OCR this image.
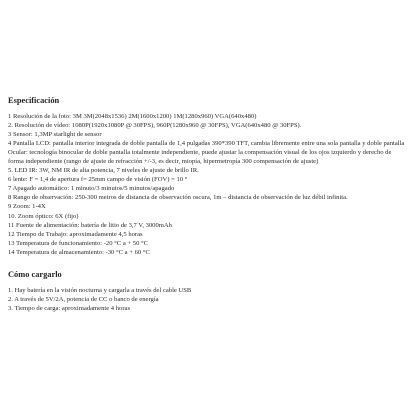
Especificación
1 Resolución de la foto: 3M 3M(2048x1536) 2M(1600x1200) 1M(1280x960) VGA(640x480)
2. Resolución de vídeo: 1080P(1920x1080P @ 30FPS), 960P(1280x960 @ 30FPS), VGA(640x480 @ 30FPS).
3 Sensor: 1,3MP starlight de sensor
4 Pantalla LCD: pantalla interior integrada de doble pantalla de 1,4 pulgadas 390*390 TFT, cambia libremente entre una sola pantalla y doble pantalla
Ocular: tecnología binocular de doble pantalla totalmente independiente, puede ajustar la compensación visual de los ojos izquierdo y derecho de forma independiente (rango de ajuste de refracción +/-3, es decir, miopía, hipermetropía 300 compensación de ajuste)
5. LED IR: 3W, NM IR de alta potencia, 7 niveles de ajuste de brillo IR.
6 lente: F = 1,4 de apertura f= 25mm campo de visión (FOV) = 10 °
7 Apagado automático: 1 minuto/3 minutos/5 minutos/apagado
8 Rango de observación: 250-300 metros de distancia de observación oscura, 1m – distancia de observación de luz débil infinita.
9 Zoom: 1-4X
10. Zoom óptico: 6X (fijo)
11 Fuente de alimentación: batería de litio de 3,7 V, 3000mAh
12 Tiempo de Trabajo: aproximadamente 4,5 horas
13 Temperatura de funcionamiento: -20 °C a + 50 °C
14 Temperatura de almacenamiento: -30 °C a + 60 °C
Cómo cargarlo
1. Hay batería en la visión nocturna y cargarla a través del cable USB
2. A través de 5V/2A, potencia de CC o banco de energía
3. Tiempo de carga: aproximadamente 4 horas
